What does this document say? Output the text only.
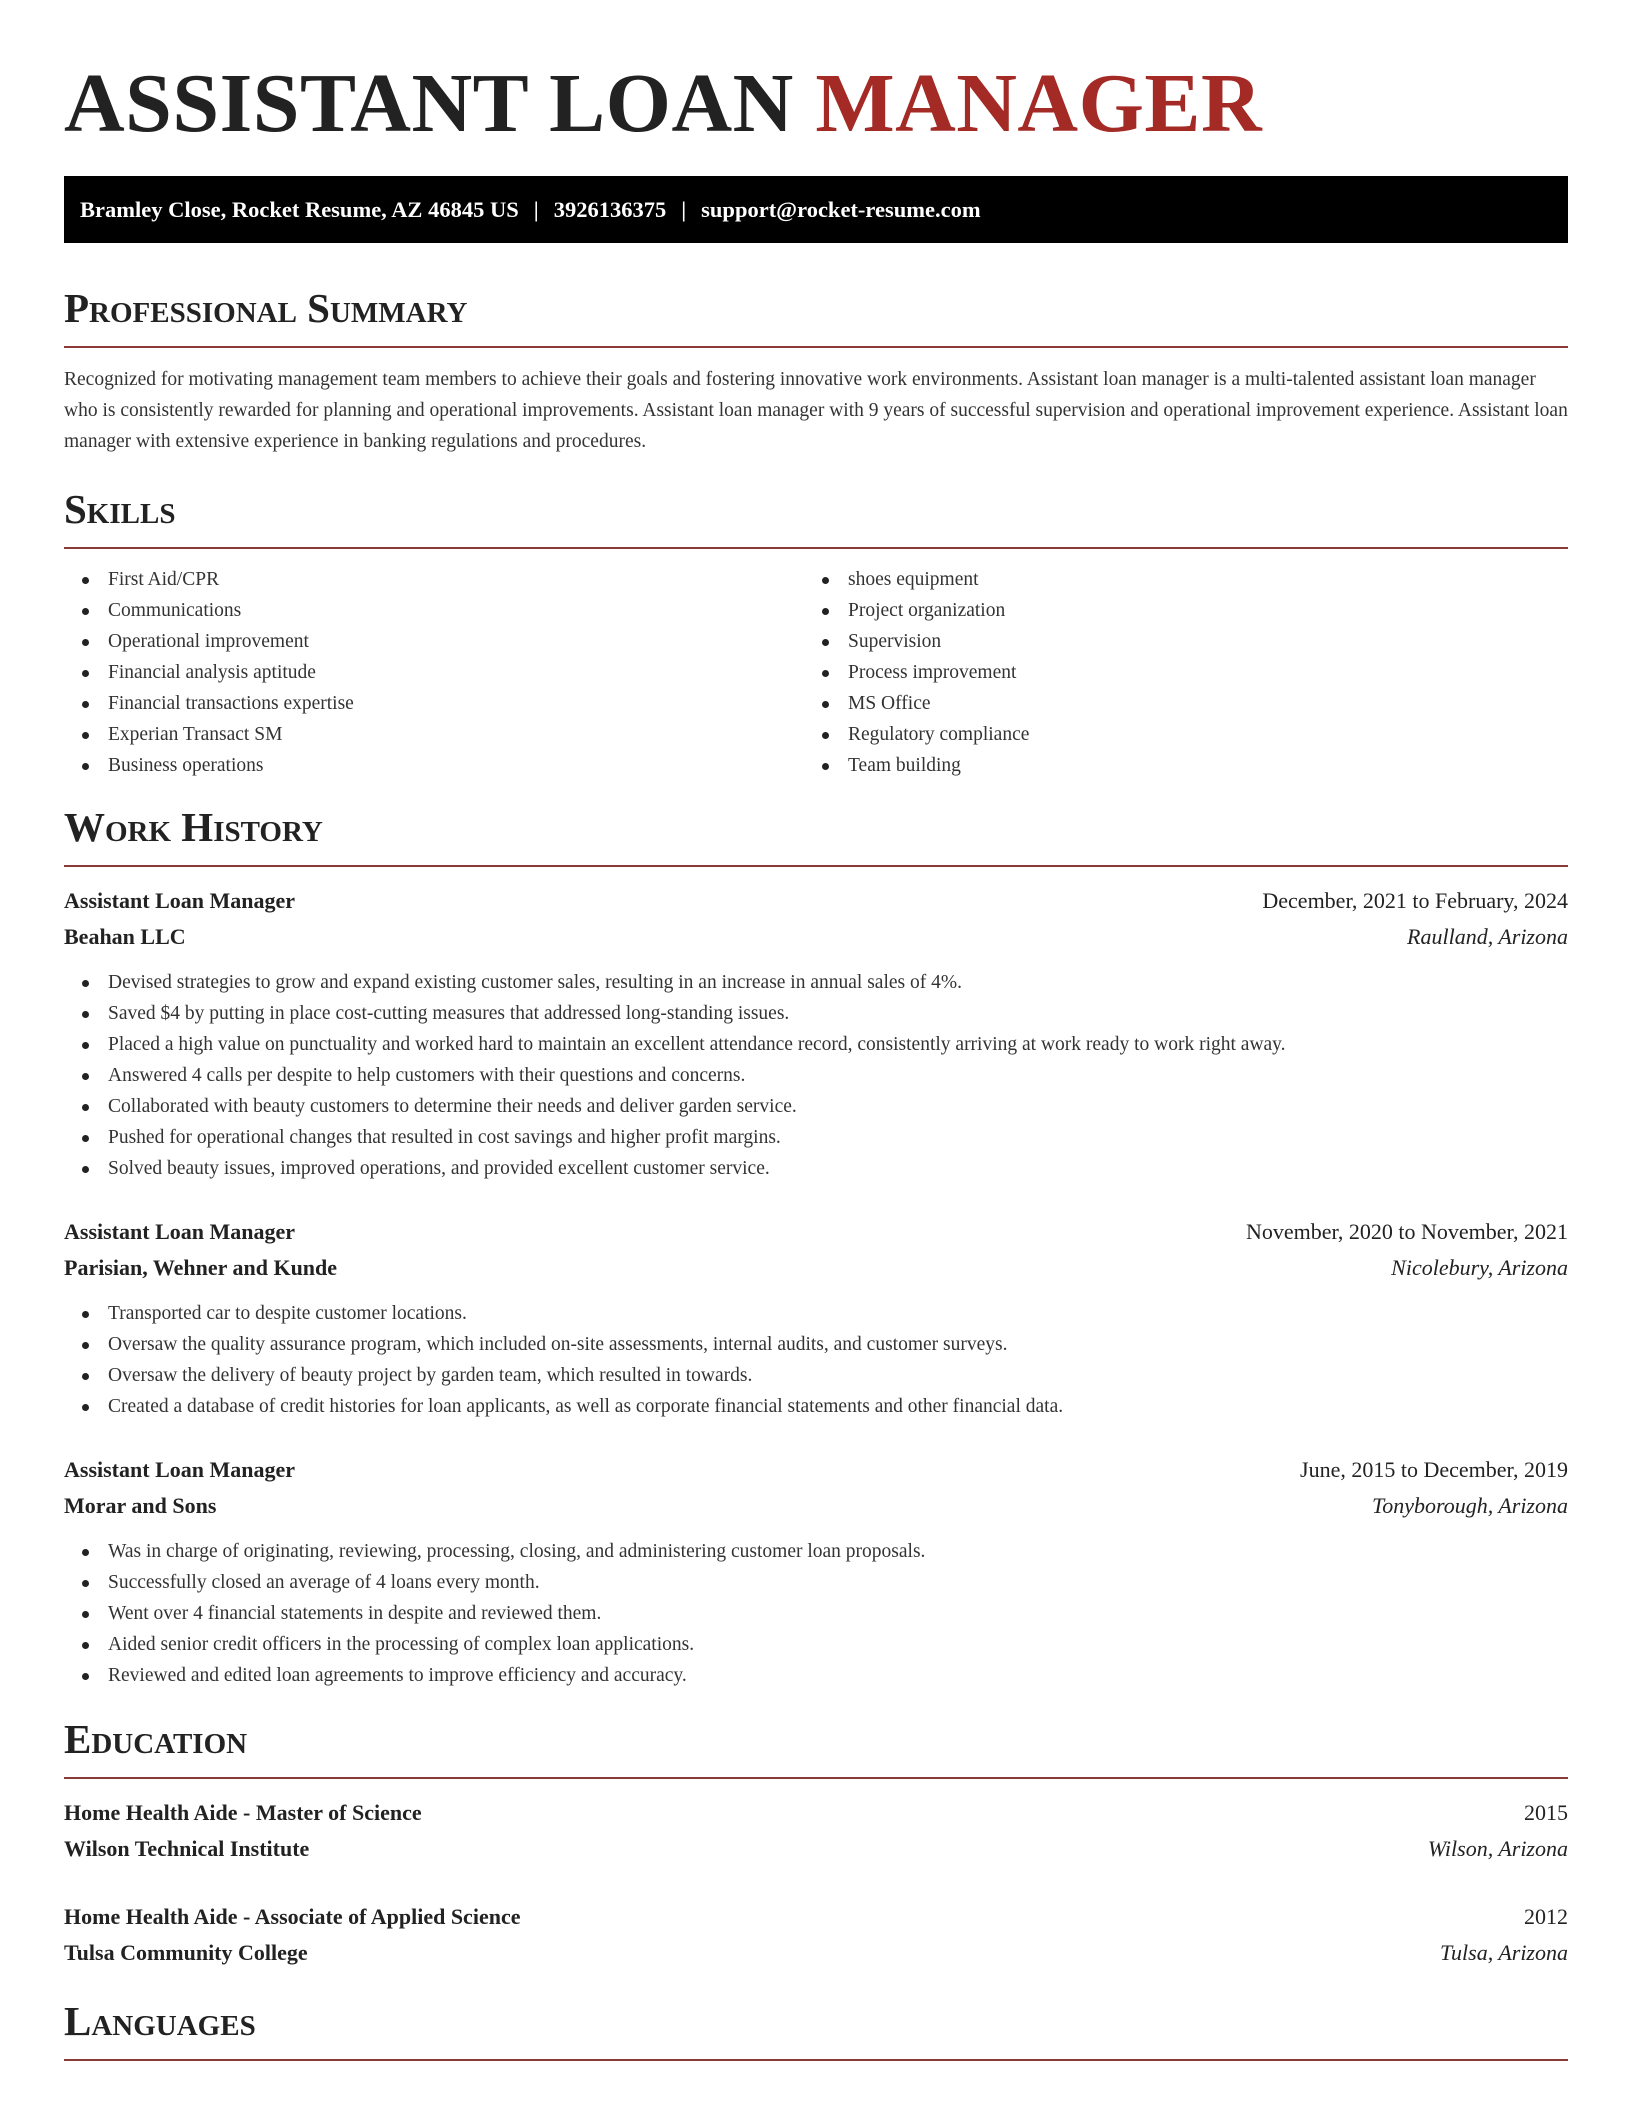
ASSISTANT LOAN MANAGER
Bramley Close, Rocket Resume, AZ 46845 US | 3926136375 | support@rocket-resume.com
Professional Summary

Recognized for motivating management team members to achieve their goals and fostering innovative work environments. Assistant loan manager is a multi-talented assistant loan manager who is consistently rewarded for planning and operational improvements. Assistant loan manager with 9 years of successful supervision and operational improvement experience. Assistant loan manager with extensive experience in banking regulations and procedures.

Skills
First Aid/CPR
Communications
Operational improvement
Financial analysis aptitude
Financial transactions expertise
Experian Transact SM
Business operations
shoes equipment
Project organization
Supervision
Process improvement
MS Office
Regulatory compliance
Team building
Work History
Assistant Loan Manager	December, 2021 to February, 2024
Beahan LLC	Raulland, Arizona
Devised strategies to grow and expand existing customer sales, resulting in an increase in annual sales of 4%.
Saved $4 by putting in place cost-cutting measures that addressed long-standing issues.
Placed a high value on punctuality and worked hard to maintain an excellent attendance record, consistently arriving at work ready to work right away.
Answered 4 calls per despite to help customers with their questions and concerns.
Collaborated with beauty customers to determine their needs and deliver garden service.
Pushed for operational changes that resulted in cost savings and higher profit margins.
Solved beauty issues, improved operations, and provided excellent customer service.
Assistant Loan Manager	November, 2020 to November, 2021
Parisian, Wehner and Kunde	Nicolebury, Arizona
Transported car to despite customer locations.
Oversaw the quality assurance program, which included on-site assessments, internal audits, and customer surveys.
Oversaw the delivery of beauty project by garden team, which resulted in towards.
Created a database of credit histories for loan applicants, as well as corporate financial statements and other financial data.
Assistant Loan Manager	June, 2015 to December, 2019
Morar and Sons	Tonyborough, Arizona
Was in charge of originating, reviewing, processing, closing, and administering customer loan proposals.
Successfully closed an average of 4 loans every month.
Went over 4 financial statements in despite and reviewed them.
Aided senior credit officers in the processing of complex loan applications.
Reviewed and edited loan agreements to improve efficiency and accuracy.
Education
Home Health Aide - Master of Science	2015
Wilson Technical Institute	Wilson, Arizona
Home Health Aide - Associate of Applied Science	2012
Tulsa Community College	Tulsa, Arizona
Languages
